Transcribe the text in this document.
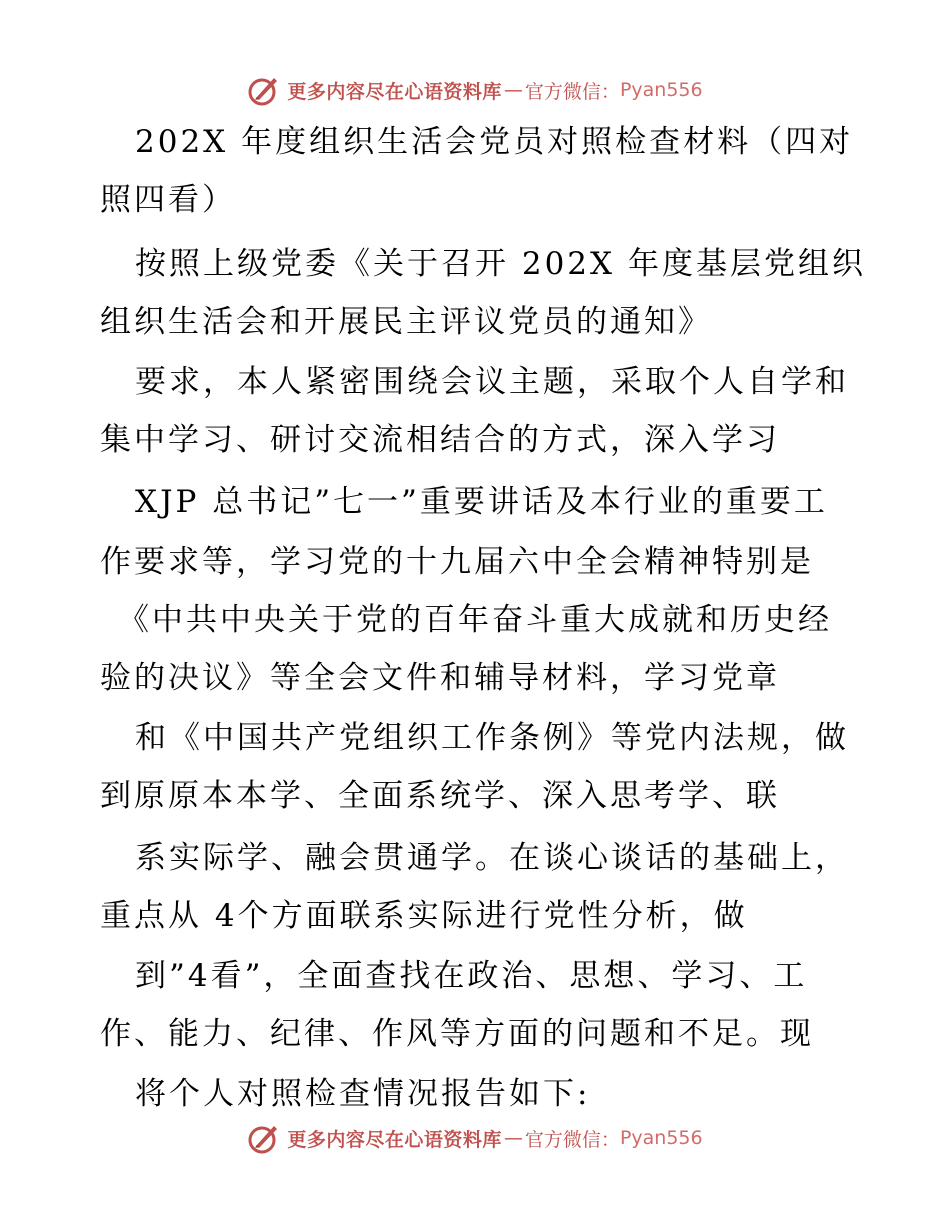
更多内容尽在心语资料库 — 官方微信： Pyan556
202X 年度组织生活会党员对照检查材料（四对
照四看）
按照上级党委《关于召开 202X 年度基层党组织
组织生活会和开展民主评议党员的通知》
要求，本人紧密围绕会议主题，采取个人自学和
集中学习、研讨交流相结合的方式，深入学习
XJP 总书记”七一”重要讲话及本行业的重要工
作要求等，学习党的十九届六中全会精神特别是
《中共中央关于党的百年奋斗重大成就和历史经
验的决议》等全会文件和辅导材料，学习党章
和《中国共产党组织工作条例》等党内法规，做
到原原本本学、全面系统学、深入思考学、联
系实际学、融会贯通学。在谈心谈话的基础上，
重点从 4个方面联系实际进行党性分析，做
到”4看”，全面查找在政治、思想、学习、工
作、能力、纪律、作风等方面的问题和不足。现
将个人对照检查情况报告如下:
更多内容尽在心语资料库 — 官方微信： Pyan556
